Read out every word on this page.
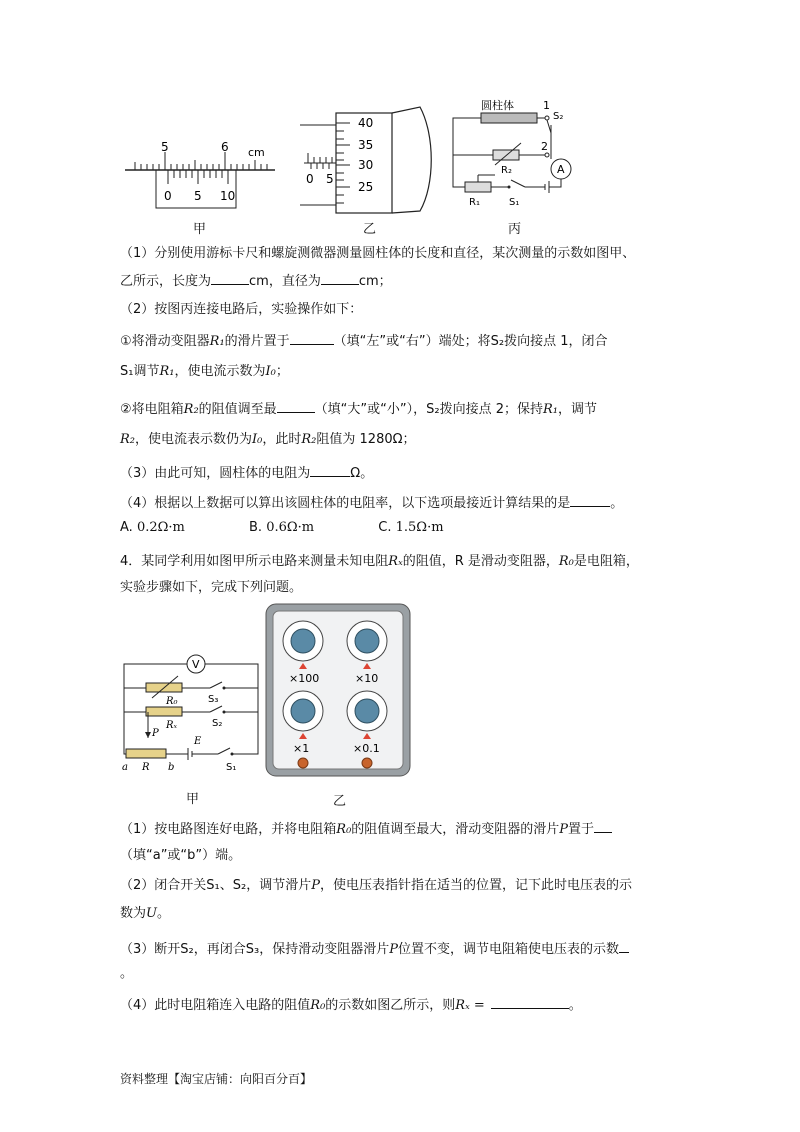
5	6 cm
0 5 10
甲
40
35
30
25
0 5
乙
A
圆柱体	1
S₂
2
R₂
R₁	S₁
丙
（1）分别使用游标卡尺和螺旋测微器测量圆柱体的长度和直径，某次测量的示数如图甲、
乙所示，长度为	cm，直径为	cm；
（2）按图丙连接电路后，实验操作如下：
①将滑动变阻器R₁的滑片置于	（填“左”或“右”）端处；将S₂拨向接点 1，闭合
S₁调节R₁，使电流示数为I₀；
②将电阻箱R₂的阻值调至最	（填“大”或“小”），S₂拨向接点 2；保持R₁，调节
R₂，使电流表示数仍为I₀，此时R₂阻值为 1280Ω；
（3）由此可知，圆柱体的电阻为	Ω。
（4）根据以上数据可以算出该圆柱体的电阻率，以下选项最接近计算结果的是	。
A. 0.2Ω·m	B. 0.6Ω·m	C. 1.5Ω·m
4．某同学利用如图甲所示电路来测量未知电阻Rₓ的阻值，R 是滑动变阻器，R₀是电阻箱，
实验步骤如下，完成下列问题。
V
R₀	S₃
Rₓ	S₂
P
E
a R b	S₁
甲
×100	×10
×1	×0.1
乙
（1）按电路图连好电路，并将电阻箱R₀的阻值调至最大，滑动变阻器的滑片P置于
（填“a”或“b”）端。
（2）闭合开关S₁、S₂，调节滑片P，使电压表指针指在适当的位置，记下此时电压表的示
数为U。
（3）断开S₂，再闭合S₃，保持滑动变阻器滑片P位置不变，调节电阻箱使电压表的示数
。
（4）此时电阻箱连入电路的阻值R₀的示数如图乙所示，则Rₓ =	。
资料整理【淘宝店铺：向阳百分百】
